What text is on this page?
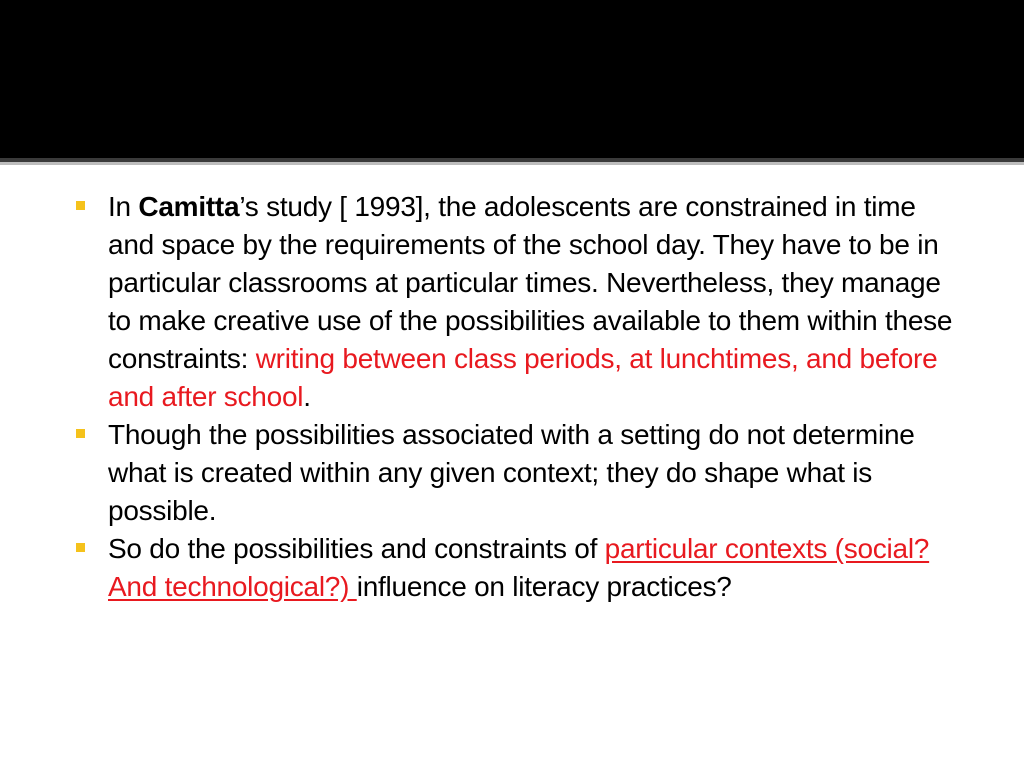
In Camitta’s study [ 1993], the adolescents are constrained in time and space by the requirements of the school day. They have to be in particular classrooms at particular times. Nevertheless, they manage to make creative use of the possibilities available to them within these constraints: writing between class periods, at lunchtimes, and before and after school.
Though the possibilities associated with a setting do not determine what is created within any given context; they do shape what is possible.
So do the possibilities and constraints of particular contexts (social? And technological?) influence on literacy practices?
